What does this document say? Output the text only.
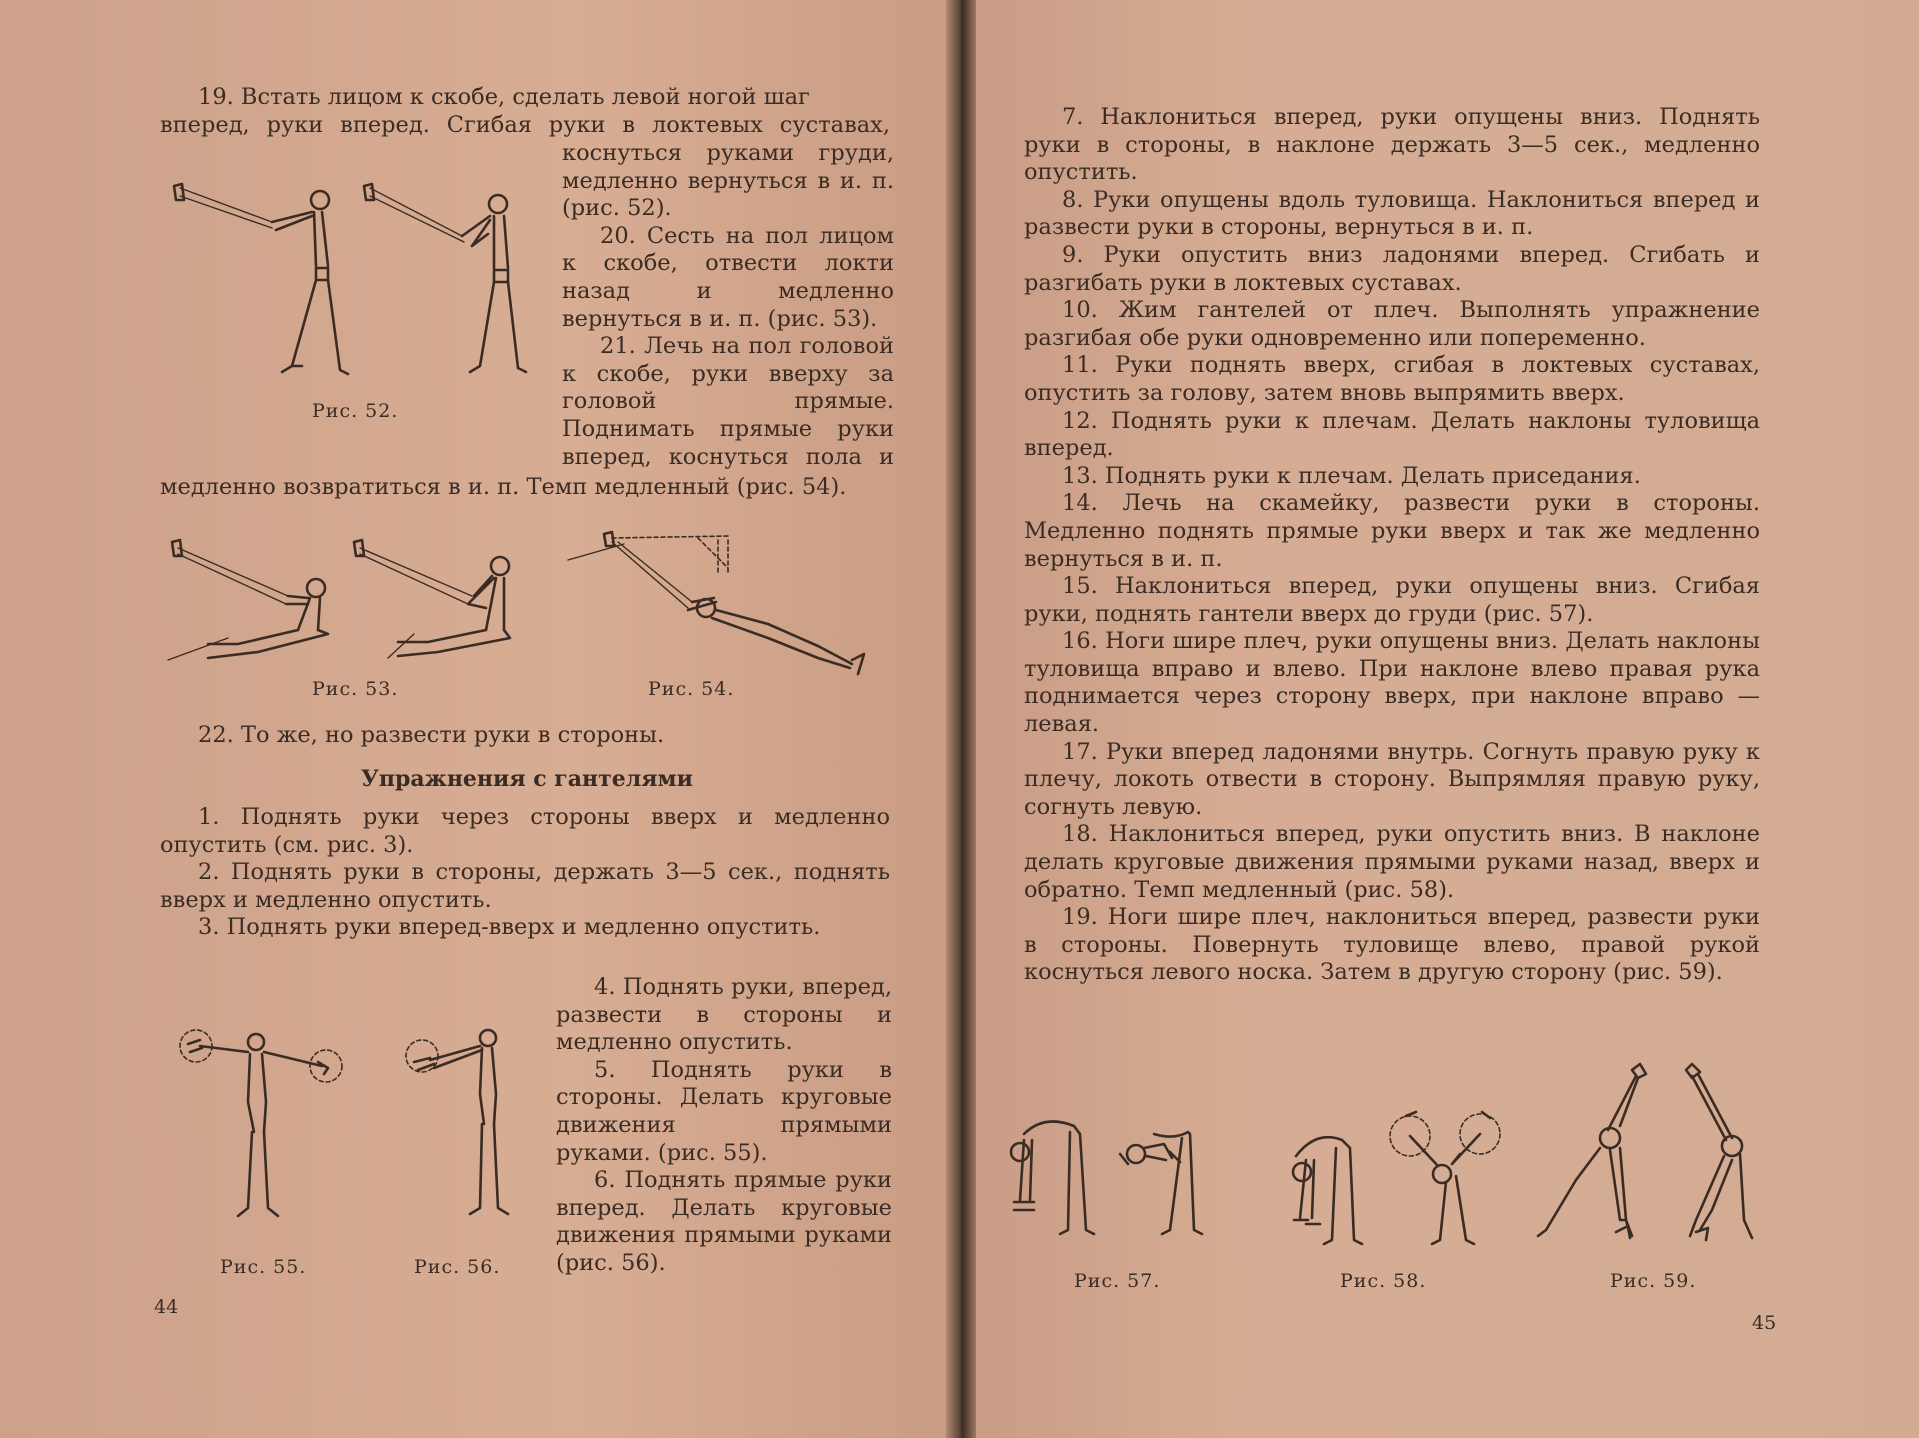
19. Встать лицом к скобе, сделать левой ногой шаг

вперед, руки вперед. Сгибая руки в локтевых суставах,

коснуться руками груди, медленно вернуться в и. п. (рис. 52).

20. Сесть на пол лицом к скобе, отвести локти назад и медленно вернуться в и. п. (рис. 53).

21. Лечь на пол головой к скобе, руки вверху за головой прямые. Поднимать прямые руки вперед, коснуться пола и

медленно возвратиться в и. п. Темп медленный (рис. 54).

Рис. 52.
Рис. 53.	Рис. 54.

22. То же, но развести руки в стороны.

Упражнения с гантелями

1. Поднять руки через стороны вверх и медленно опустить (см. рис. 3).

2. Поднять руки в стороны, держать 3—5 сек., поднять вверх и медленно опустить.

3. Поднять руки вперед-вверх и медленно опустить.

4. Поднять руки, вперед, развести в стороны и медленно опустить.

5. Поднять руки в стороны. Делать круговые движения прямыми руками. (рис. 55).

6. Поднять прямые руки вперед. Делать круговые движения прямыми руками (рис. 56).

Рис. 55.	Рис. 56.
44

7. Наклониться вперед, руки опущены вниз. Поднять руки в стороны, в наклоне держать 3—5 сек., медленно опустить.

8. Руки опущены вдоль туловища. Наклониться вперед и развести руки в стороны, вернуться в и. п.

9. Руки опустить вниз ладонями вперед. Сгибать и разгибать руки в локтевых суставах.

10. Жим гантелей от плеч. Выполнять упражнение разгибая обе руки одновременно или попеременно.

11. Руки поднять вверх, сгибая в локтевых суставах, опустить за голову, затем вновь выпрямить вверх.

12. Поднять руки к плечам. Делать наклоны туловища вперед.

13. Поднять руки к плечам. Делать приседания.

14. Лечь на скамейку, развести руки в стороны. Медленно поднять прямые руки вверх и так же медленно вернуться в и. п.

15. Наклониться вперед, руки опущены вниз. Сгибая руки, поднять гантели вверх до груди (рис. 57).

16. Ноги шире плеч, руки опущены вниз. Делать наклоны туловища вправо и влево. При наклоне влево правая рука поднимается через сторону вверх, при наклоне вправо — левая.

17. Руки вперед ладонями внутрь. Согнуть правую руку к плечу, локоть отвести в сторону. Выпрямляя правую руку, согнуть левую.

18. Наклониться вперед, руки опустить вниз. В наклоне делать круговые движения прямыми руками назад, вверх и обратно. Темп медленный (рис. 58).

19. Ноги шире плеч, наклониться вперед, развести руки в стороны. Повернуть туловище влево, правой рукой коснуться левого носка. Затем в другую сторону (рис. 59).

Рис. 57.	Рис. 58.	Рис. 59.
45
